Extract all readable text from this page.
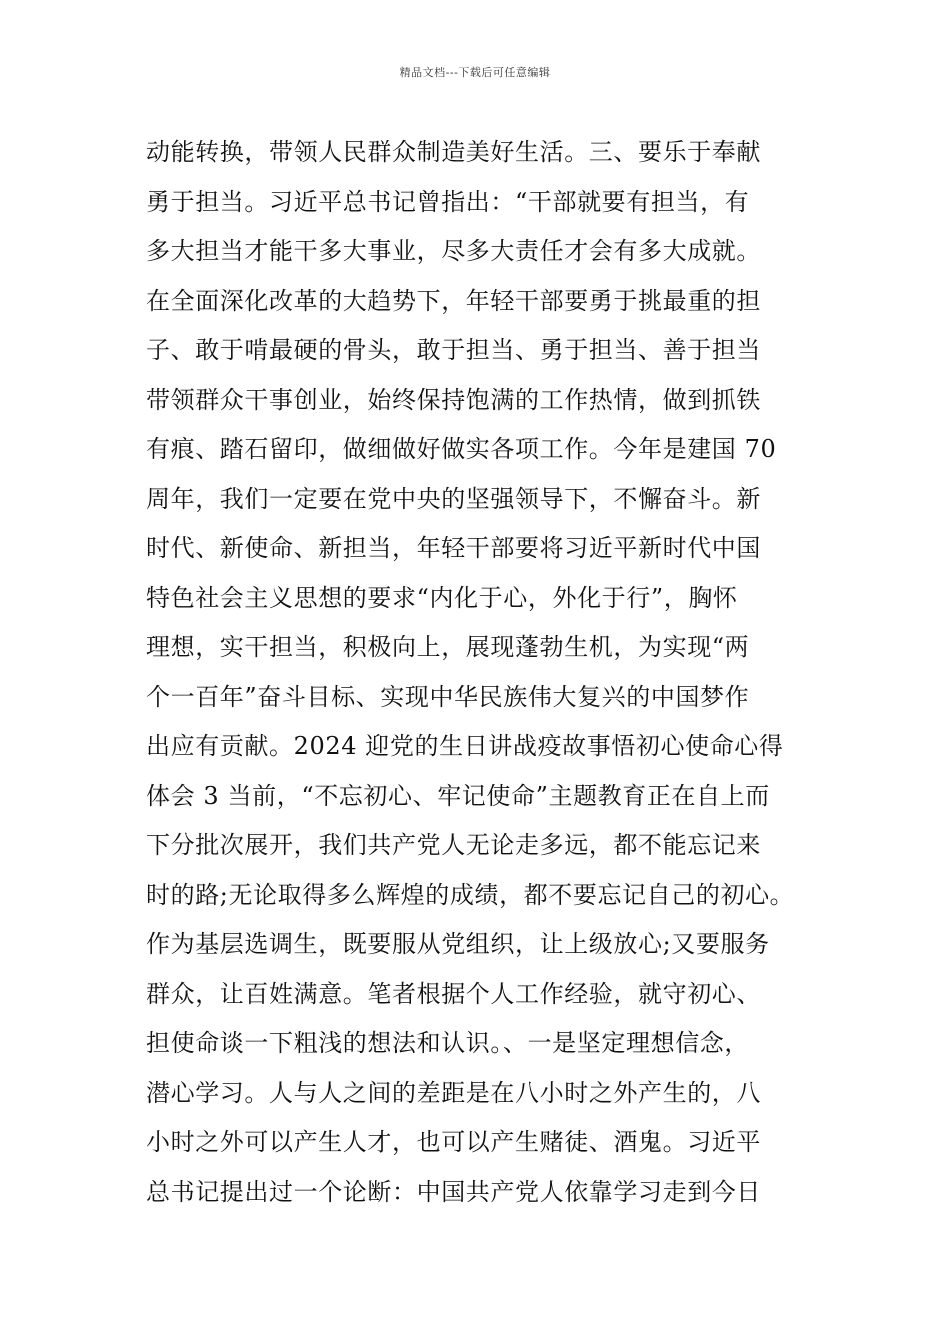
精品文档---下载后可任意编辑
动能转换，带领人民群众制造美好生活。三、要乐于奉献
勇于担当。习近平总书记曾指出：“干部就要有担当，有
多大担当才能干多大事业，尽多大责任才会有多大成就。
在全面深化改革的大趋势下，年轻干部要勇于挑最重的担
子、敢于啃最硬的骨头，敢于担当、勇于担当、善于担当
带领群众干事创业，始终保持饱满的工作热情，做到抓铁
有痕、踏石留印，做细做好做实各项工作。今年是建国 70
周年，我们一定要在党中央的坚强领导下，不懈奋斗。新
时代、新使命、新担当，年轻干部要将习近平新时代中国
特色社会主义思想的要求“内化于心，外化于行”，胸怀
理想，实干担当，积极向上，展现蓬勃生机，为实现“两
个一百年”奋斗目标、实现中华民族伟大复兴的中国梦作
出应有贡献。2024 迎党的生日讲战疫故事悟初心使命心得
体会 3 当前，“不忘初心、牢记使命”主题教育正在自上而
下分批次展开，我们共产党人无论走多远，都不能忘记来
时的路;无论取得多么辉煌的成绩，都不要忘记自己的初心。
作为基层选调生，既要服从党组织，让上级放心;又要服务
群众，让百姓满意。笔者根据个人工作经验，就守初心、
担使命谈一下粗浅的想法和认识。、一是坚定理想信念，
潜心学习。人与人之间的差距是在八小时之外产生的，八
小时之外可以产生人才，也可以产生赌徒、酒鬼。习近平
总书记提出过一个论断：中国共产党人依靠学习走到今日
